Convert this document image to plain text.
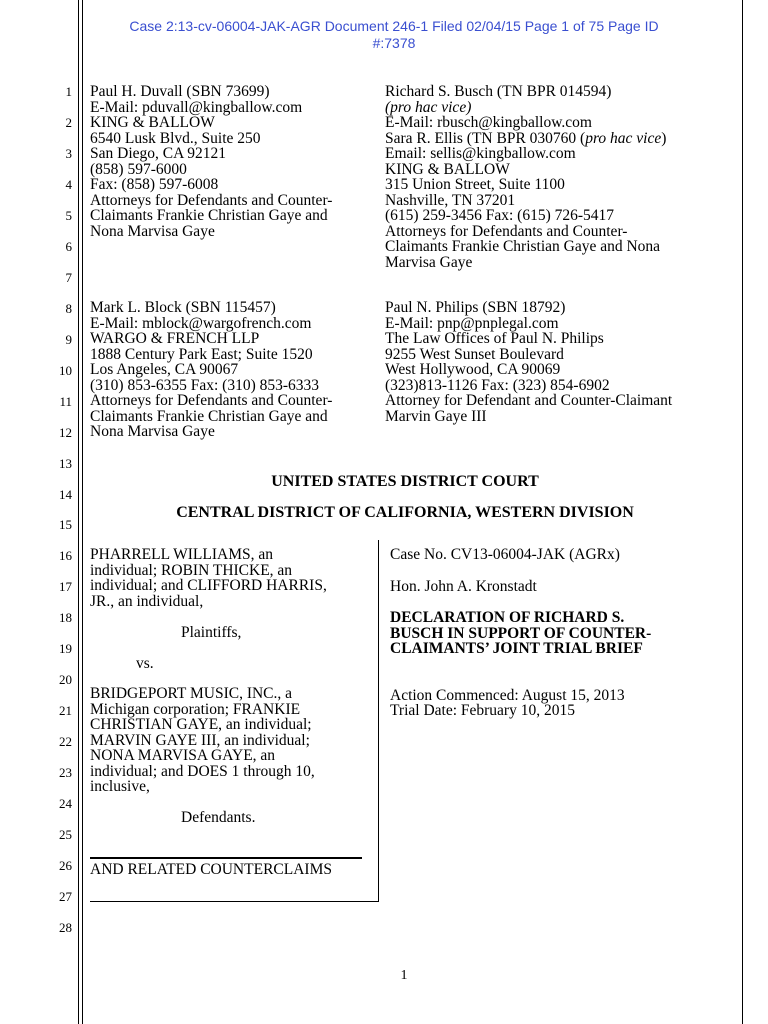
Case 2:13-cv-06004-JAK-AGR Document 246-1 Filed 02/04/15 Page 1 of 75 Page ID
#:7378
1
2
3
4
5
6
7
8
9
10
11
12
13
14
15
16
17
18
19
20
21
22
23
24
25
26
27
28
Paul H. Duvall (SBN 73699)
E-Mail: pduvall@kingballow.com
KING & BALLOW
6540 Lusk Blvd., Suite 250
San Diego, CA 92121
(858) 597-6000
Fax: (858) 597-6008
Attorneys for Defendants and Counter-
Claimants Frankie Christian Gaye and
Nona Marvisa Gaye
Richard S. Busch (TN BPR 014594)
(pro hac vice)
E-Mail: rbusch@kingballow.com
Sara R. Ellis (TN BPR 030760 (pro hac vice)
Email: sellis@kingballow.com
KING & BALLOW
315 Union Street, Suite 1100
Nashville, TN 37201
(615) 259-3456 Fax: (615) 726-5417
Attorneys for Defendants and Counter-
Claimants Frankie Christian Gaye and Nona
Marvisa Gaye
Mark L. Block (SBN 115457)
E-Mail: mblock@wargofrench.com
WARGO & FRENCH LLP
1888 Century Park East; Suite 1520
Los Angeles, CA 90067
(310) 853-6355 Fax: (310) 853-6333
Attorneys for Defendants and Counter-
Claimants Frankie Christian Gaye and
Nona Marvisa Gaye
Paul N. Philips (SBN 18792)
E-Mail: pnp@pnplegal.com
The Law Offices of Paul N. Philips
9255 West Sunset Boulevard
West Hollywood, CA 90069
(323)813-1126 Fax: (323) 854-6902
Attorney for Defendant and Counter-Claimant
Marvin Gaye III
UNITED STATES DISTRICT COURT
CENTRAL DISTRICT OF CALIFORNIA, WESTERN DIVISION
PHARRELL WILLIAMS, an
individual; ROBIN THICKE, an
individual; and CLIFFORD HARRIS,
JR., an individual,
Plaintiffs,
vs.
BRIDGEPORT MUSIC, INC., a
Michigan corporation; FRANKIE
CHRISTIAN GAYE, an individual;
MARVIN GAYE III, an individual;
NONA MARVISA GAYE, an
individual; and DOES 1 through 10,
inclusive,
Defendants.
AND RELATED COUNTERCLAIMS
Case No. CV13-06004-JAK (AGRx)
Hon. John A. Kronstadt
DECLARATION OF RICHARD S.
BUSCH IN SUPPORT OF COUNTER-
CLAIMANTS’ JOINT TRIAL BRIEF
Action Commenced: August 15, 2013
Trial Date: February 10, 2015
1
